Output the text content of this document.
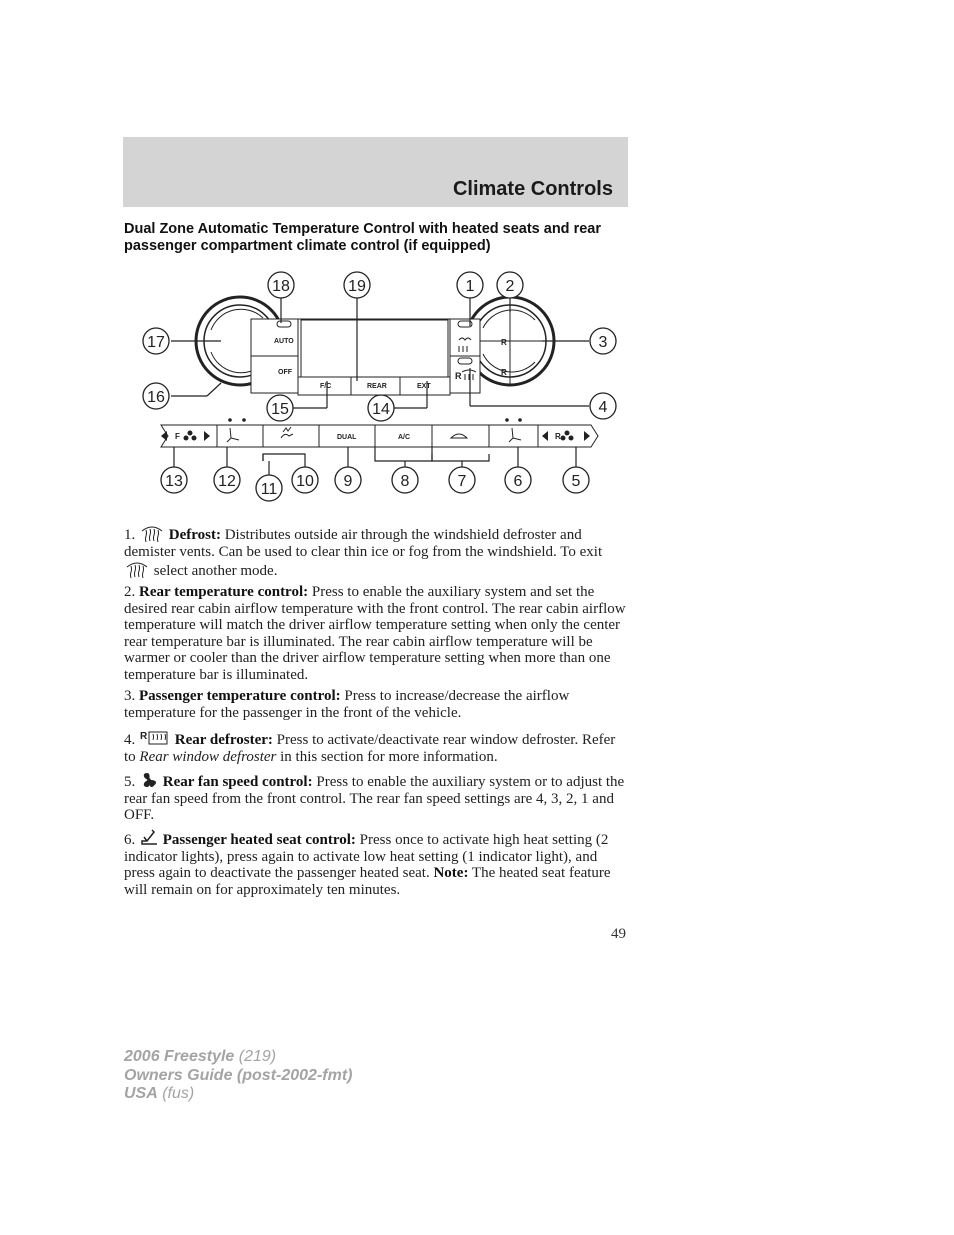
Climate Controls
Dual Zone Automatic Temperature Control with heated seats and rear passenger compartment climate control (if equipped)
AUTO
OFF
F/C	REAR	EXT
DUAL	A/C
F	R
R
R
R
18	19	1 2
17	3
16
4
15	14
13 12 11 10 9	8	7	6	5
1. Defrost: Distributes outside air through the windshield defroster and demister vents. Can be used to clear thin ice or fog from the windshield. To exit  select another mode.
2. Rear temperature control: Press to enable the auxiliary system and set the desired rear cabin airflow temperature with the front control. The rear cabin airflow temperature will match the driver airflow temperature setting when only the center rear temperature bar is illuminated. The rear cabin airflow temperature will be warmer or cooler than the driver airflow temperature setting when more than one temperature bar is illuminated.
3. Passenger temperature control: Press to increase/decrease the airflow temperature for the passenger in the front of the vehicle.
4. R Rear defroster: Press to activate/deactivate rear window defroster. Refer to Rear window defroster in this section for more information.
5. Rear fan speed control: Press to enable the auxiliary system or to adjust the rear fan speed from the front control. The rear fan speed settings are 4, 3, 2, 1 and OFF.
6. Passenger heated seat control: Press once to activate high heat setting (2 indicator lights), press again to activate low heat setting (1 indicator light), and press again to deactivate the passenger heated seat. Note: The heated seat feature will remain on for approximately ten minutes.
49
2006 Freestyle (219)
Owners Guide (post-2002-fmt)
USA (fus)
